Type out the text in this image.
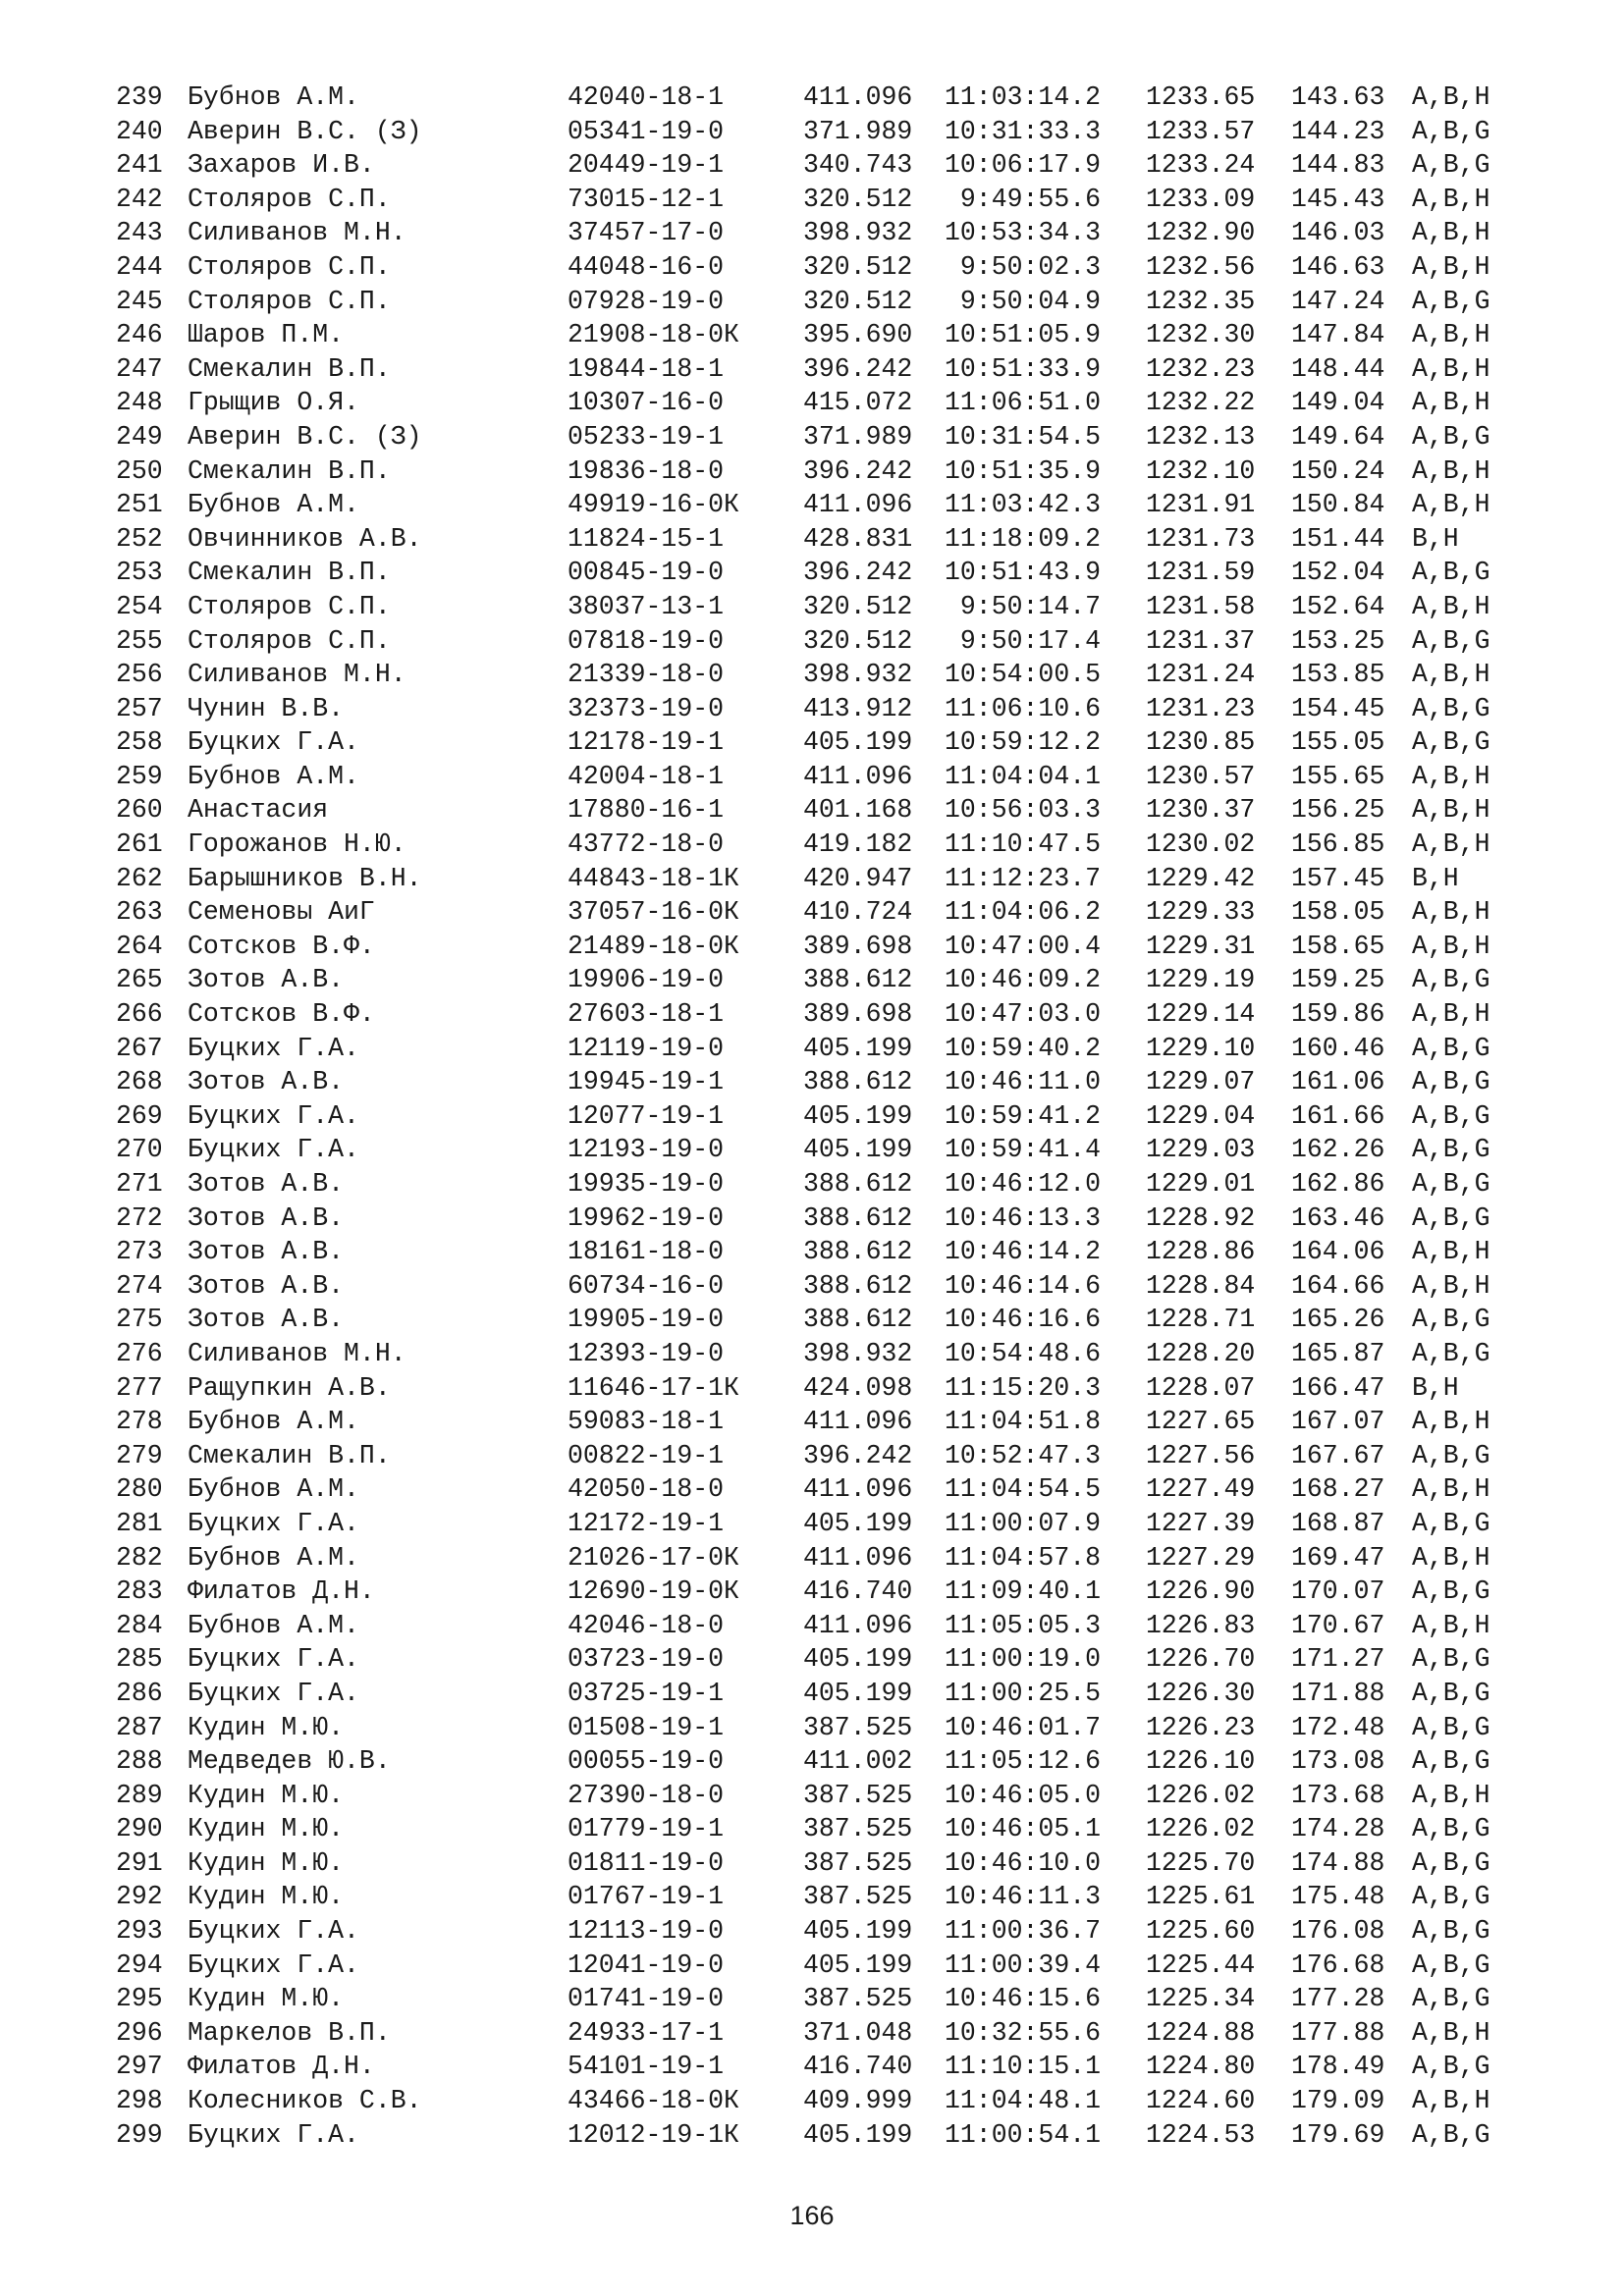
239 Бубнов А.М.	42040-18-1	411.096 11:03:14.2 1233.65 143.63 A,B,H
240 Аверин В.С. (З)	05341-19-0	371.989 10:31:33.3 1233.57 144.23 A,B,G
241 Захаров И.В.	20449-19-1	340.743 10:06:17.9 1233.24 144.83 A,B,G
242 Столяров С.П.	73015-12-1	320.512 9:49:55.6 1233.09 145.43 A,B,H
243 Силиванов М.Н.	37457-17-0	398.932 10:53:34.3 1232.90 146.03 A,B,H
244 Столяров С.П.	44048-16-0	320.512 9:50:02.3 1232.56 146.63 A,B,H
245 Столяров С.П.	07928-19-0	320.512 9:50:04.9 1232.35 147.24 A,B,G
246 Шаров П.М.	21908-18-0К 395.690 10:51:05.9 1232.30 147.84 A,B,H
247 Смекалин В.П.	19844-18-1	396.242 10:51:33.9 1232.23 148.44 A,B,H
248 Грыщив О.Я.	10307-16-0	415.072 11:06:51.0 1232.22 149.04 A,B,H
249 Аверин В.С. (З)	05233-19-1	371.989 10:31:54.5 1232.13 149.64 A,B,G
250 Смекалин В.П.	19836-18-0	396.242 10:51:35.9 1232.10 150.24 A,B,H
251 Бубнов А.М.	49919-16-0К 411.096 11:03:42.3 1231.91 150.84 A,B,H
252 Овчинников А.В.	11824-15-1	428.831 11:18:09.2 1231.73 151.44 B,H
253 Смекалин В.П.	00845-19-0	396.242 10:51:43.9 1231.59 152.04 A,B,G
254 Столяров С.П.	38037-13-1	320.512 9:50:14.7 1231.58 152.64 A,B,H
255 Столяров С.П.	07818-19-0	320.512 9:50:17.4 1231.37 153.25 A,B,G
256 Силиванов М.Н.	21339-18-0	398.932 10:54:00.5 1231.24 153.85 A,B,H
257 Чунин В.В.	32373-19-0	413.912 11:06:10.6 1231.23 154.45 A,B,G
258 Буцких Г.А.	12178-19-1	405.199 10:59:12.2 1230.85 155.05 A,B,G
259 Бубнов А.М.	42004-18-1	411.096 11:04:04.1 1230.57 155.65 A,B,H
260 Анастасия	17880-16-1	401.168 10:56:03.3 1230.37 156.25 A,B,H
261 Горожанов Н.Ю.	43772-18-0	419.182 11:10:47.5 1230.02 156.85 A,B,H
262 Барышников В.Н.	44843-18-1К 420.947 11:12:23.7 1229.42 157.45 B,H
263 Семеновы АиГ	37057-16-0К 410.724 11:04:06.2 1229.33 158.05 A,B,H
264 Сотсков В.Ф.	21489-18-0К 389.698 10:47:00.4 1229.31 158.65 A,B,H
265 Зотов А.В.	19906-19-0	388.612 10:46:09.2 1229.19 159.25 A,B,G
266 Сотсков В.Ф.	27603-18-1	389.698 10:47:03.0 1229.14 159.86 A,B,H
267 Буцких Г.А.	12119-19-0	405.199 10:59:40.2 1229.10 160.46 A,B,G
268 Зотов А.В.	19945-19-1	388.612 10:46:11.0 1229.07 161.06 A,B,G
269 Буцких Г.А.	12077-19-1	405.199 10:59:41.2 1229.04 161.66 A,B,G
270 Буцких Г.А.	12193-19-0	405.199 10:59:41.4 1229.03 162.26 A,B,G
271 Зотов А.В.	19935-19-0	388.612 10:46:12.0 1229.01 162.86 A,B,G
272 Зотов А.В.	19962-19-0	388.612 10:46:13.3 1228.92 163.46 A,B,G
273 Зотов А.В.	18161-18-0	388.612 10:46:14.2 1228.86 164.06 A,B,H
274 Зотов А.В.	60734-16-0	388.612 10:46:14.6 1228.84 164.66 A,B,H
275 Зотов А.В.	19905-19-0	388.612 10:46:16.6 1228.71 165.26 A,B,G
276 Силиванов М.Н.	12393-19-0	398.932 10:54:48.6 1228.20 165.87 A,B,G
277 Ращупкин А.В.	11646-17-1К 424.098 11:15:20.3 1228.07 166.47 B,H
278 Бубнов А.М.	59083-18-1	411.096 11:04:51.8 1227.65 167.07 A,B,H
279 Смекалин В.П.	00822-19-1	396.242 10:52:47.3 1227.56 167.67 A,B,G
280 Бубнов А.М.	42050-18-0	411.096 11:04:54.5 1227.49 168.27 A,B,H
281 Буцких Г.А.	12172-19-1	405.199 11:00:07.9 1227.39 168.87 A,B,G
282 Бубнов А.М.	21026-17-0К 411.096 11:04:57.8 1227.29 169.47 A,B,H
283 Филатов Д.Н.	12690-19-0К 416.740 11:09:40.1 1226.90 170.07 A,B,G
284 Бубнов А.М.	42046-18-0	411.096 11:05:05.3 1226.83 170.67 A,B,H
285 Буцких Г.А.	03723-19-0	405.199 11:00:19.0 1226.70 171.27 A,B,G
286 Буцких Г.А.	03725-19-1	405.199 11:00:25.5 1226.30 171.88 A,B,G
287 Кудин М.Ю.	01508-19-1	387.525 10:46:01.7 1226.23 172.48 A,B,G
288 Медведев Ю.В.	00055-19-0	411.002 11:05:12.6 1226.10 173.08 A,B,G
289 Кудин М.Ю.	27390-18-0	387.525 10:46:05.0 1226.02 173.68 A,B,H
290 Кудин М.Ю.	01779-19-1	387.525 10:46:05.1 1226.02 174.28 A,B,G
291 Кудин М.Ю.	01811-19-0	387.525 10:46:10.0 1225.70 174.88 A,B,G
292 Кудин М.Ю.	01767-19-1	387.525 10:46:11.3 1225.61 175.48 A,B,G
293 Буцких Г.А.	12113-19-0	405.199 11:00:36.7 1225.60 176.08 A,B,G
294 Буцких Г.А.	12041-19-0	405.199 11:00:39.4 1225.44 176.68 A,B,G
295 Кудин М.Ю.	01741-19-0	387.525 10:46:15.6 1225.34 177.28 A,B,G
296 Маркелов В.П.	24933-17-1	371.048 10:32:55.6 1224.88 177.88 A,B,H
297 Филатов Д.Н.	54101-19-1	416.740 11:10:15.1 1224.80 178.49 A,B,G
298 Колесников С.В.	43466-18-0К 409.999 11:04:48.1 1224.60 179.09 A,B,H
299 Буцких Г.А.	12012-19-1К 405.199 11:00:54.1 1224.53 179.69 A,B,G
166
